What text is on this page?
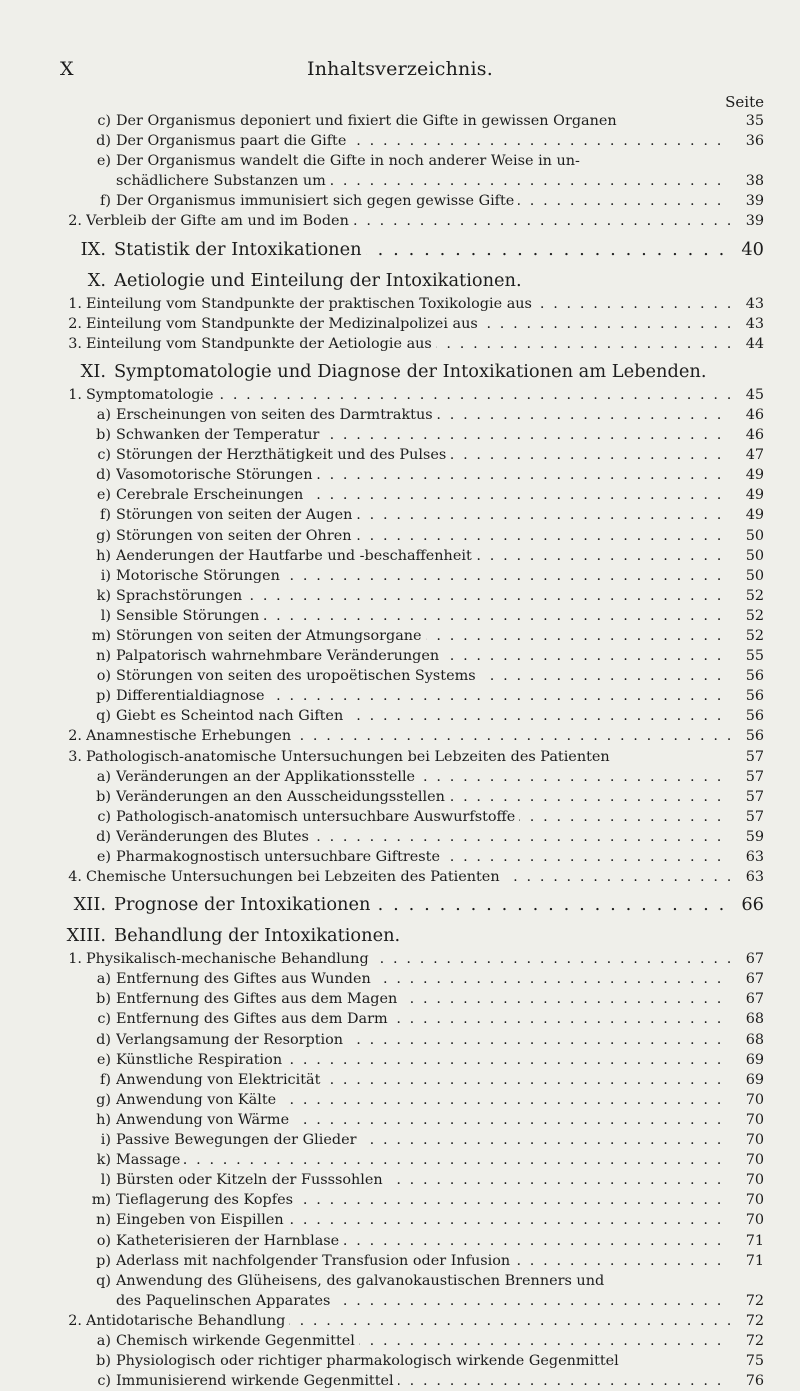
X	Inhaltsverzeichnis.
Seite
c) Der Organismus deponiert und fixiert die Gifte in gewissen Organen	35
d) Der Organismus paart die Gifte . . .	36
e) Der Organismus wandelt die Gifte in noch anderer Weise in un-
schädlichere Substanzen um . . .	38
f) Der Organismus immunisiert sich gegen gewisse Gifte . . .	39
2. Verbleib der Gifte am und im Boden . . .	39
IX. Statistik der Intoxikationen . . .	40
X. Aetiologie und Einteilung der Intoxikationen.
1. Einteilung vom Standpunkte der praktischen Toxikologie aus . . .	43
2. Einteilung vom Standpunkte der Medizinalpolizei aus . . .	43
3. Einteilung vom Standpunkte der Aetiologie aus . . .	44
XI. Symptomatologie und Diagnose der Intoxikationen am Lebenden.
1. Symptomatologie . . .	45
a) Erscheinungen von seiten des Darmtraktus . . .	46
b) Schwanken der Temperatur . . .	46
c) Störungen der Herzthätigkeit und des Pulses . . .	47
d) Vasomotorische Störungen . . .	49
e) Cerebrale Erscheinungen . . .	49
f) Störungen von seiten der Augen . . .	49
g) Störungen von seiten der Ohren . . .	50
h) Aenderungen der Hautfarbe und -beschaffenheit . . .	50
i) Motorische Störungen . . .	50
k) Sprachstörungen . . .	52
l) Sensible Störungen . . .	52
m) Störungen von seiten der Atmungsorgane . . .	52
n) Palpatorisch wahrnehmbare Veränderungen . . .	55
o) Störungen von seiten des uropoëtischen Systems . . .	56
p) Differentialdiagnose . . .	56
q) Giebt es Scheintod nach Giften . . .	56
2. Anamnestische Erhebungen . . .	56
3. Pathologisch-anatomische Untersuchungen bei Lebzeiten des Patienten	57
a) Veränderungen an der Applikationsstelle . . .	57
b) Veränderungen an den Ausscheidungsstellen . . .	57
c) Pathologisch-anatomisch untersuchbare Auswurfstoffe . . .	57
d) Veränderungen des Blutes . . .	59
e) Pharmakognostisch untersuchbare Giftreste . . .	63
4. Chemische Untersuchungen bei Lebzeiten des Patienten . . .	63
XII. Prognose der Intoxikationen . . .	66
XIII. Behandlung der Intoxikationen.
1. Physikalisch-mechanische Behandlung . . .	67
a) Entfernung des Giftes aus Wunden . . .	67
b) Entfernung des Giftes aus dem Magen . . .	67
c) Entfernung des Giftes aus dem Darm . . .	68
d) Verlangsamung der Resorption . . .	68
e) Künstliche Respiration . . .	69
f) Anwendung von Elektricität . . .	69
g) Anwendung von Kälte . . .	70
h) Anwendung von Wärme . . .	70
i) Passive Bewegungen der Glieder . . .	70
k) Massage . . .	70
l) Bürsten oder Kitzeln der Fusssohlen . . .	70
m) Tieflagerung des Kopfes . . .	70
n) Eingeben von Eispillen . . .	70
o) Katheterisieren der Harnblase . . .	71
p) Aderlass mit nachfolgender Transfusion oder Infusion . . .	71
q) Anwendung des Glüheisens, des galvanokaustischen Brenners und
des Paquelinschen Apparates . . .	72
2. Antidotarische Behandlung . . .	72
a) Chemisch wirkende Gegenmittel . . .	72
b) Physiologisch oder richtiger pharmakologisch wirkende Gegenmittel	75
c) Immunisierend wirkende Gegenmittel . . .	76
